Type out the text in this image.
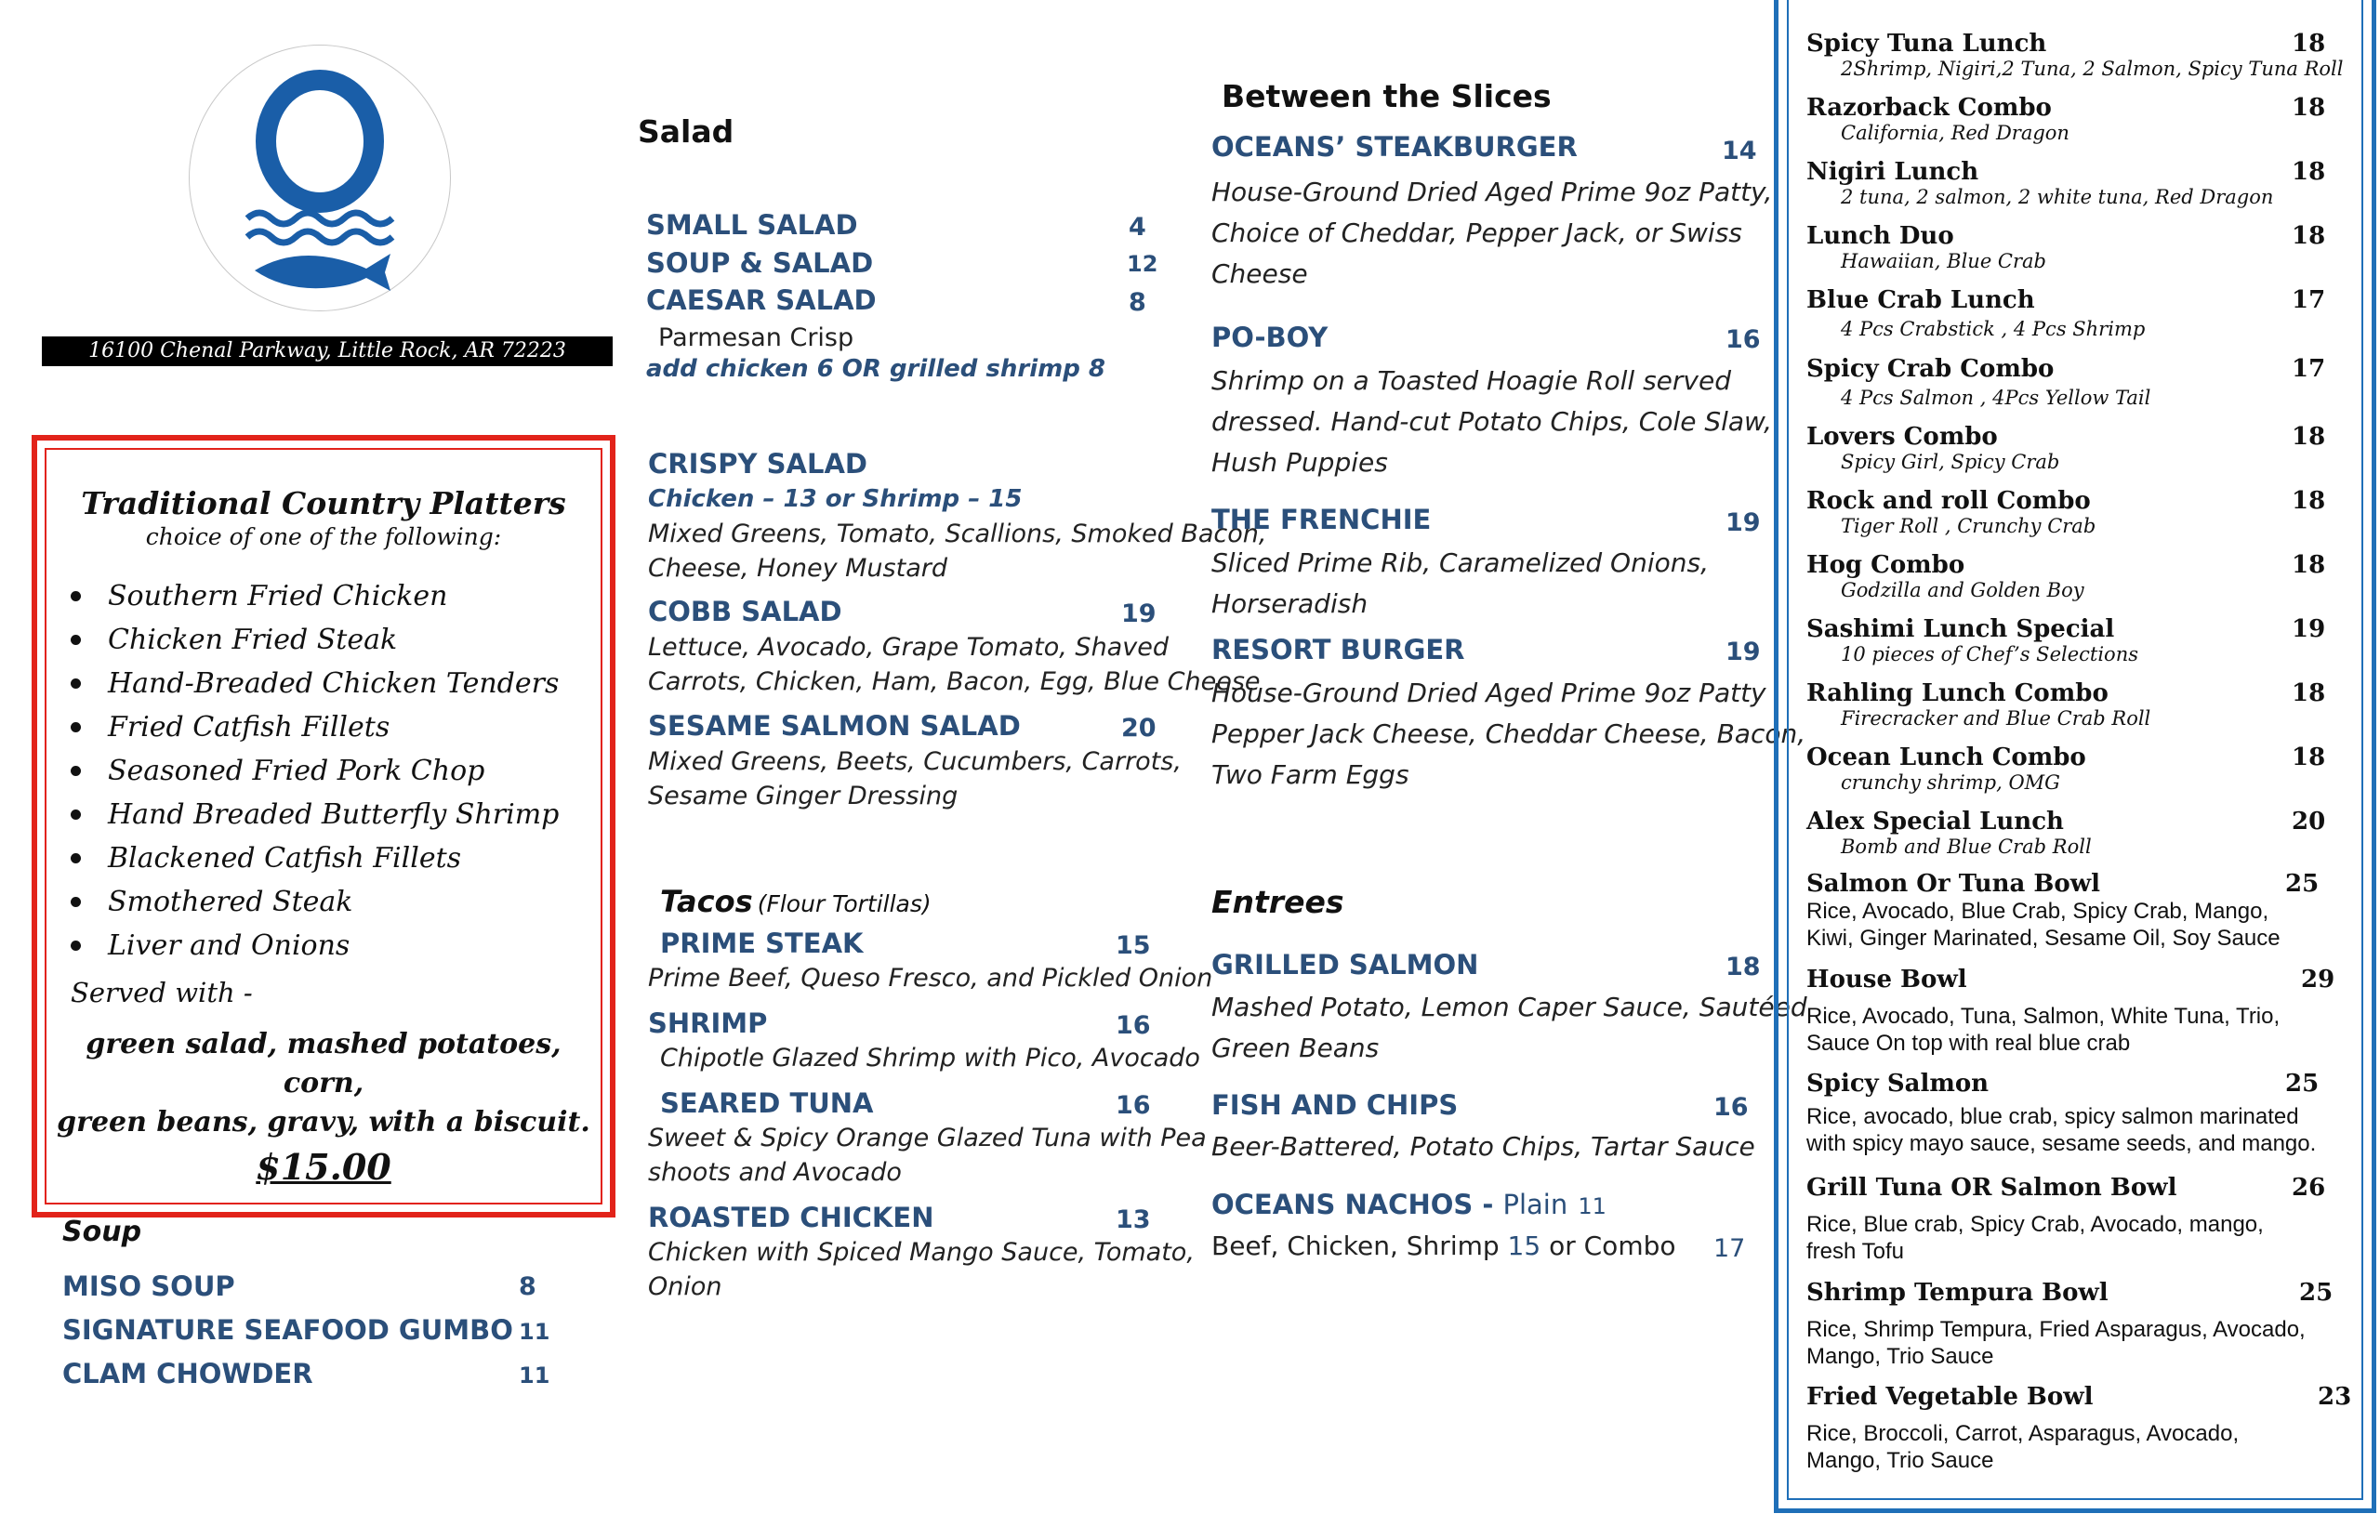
16100 Chenal Parkway, Little Rock, AR 72223
Traditional Country Platters
choice of one of the following:
Southern Fried Chicken
Chicken Fried Steak
Hand-Breaded Chicken Tenders
Fried Catfish Fillets
Seasoned Fried Pork Chop
Hand Breaded Butterfly Shrimp
Blackened Catfish Fillets
Smothered Steak
Liver and Onions
Served with -
green salad, mashed potatoes, corn,
green beans, gravy, with a biscuit.
$15.00
Soup
MISO SOUP	8
SIGNATURE SEAFOOD GUMBO 11
CLAM CHOWDER	11
Salad
SMALL SALAD	4
SOUP & SALAD	12
CAESAR SALAD	8
Parmesan Crisp
add chicken 6 OR grilled shrimp 8
CRISPY SALAD
Chicken – 13 or Shrimp – 15
Mixed Greens, Tomato, Scallions, Smoked Bacon,
Cheese, Honey Mustard
COBB SALAD	19
Lettuce, Avocado, Grape Tomato, Shaved
Carrots, Chicken, Ham, Bacon, Egg, Blue Cheese
SESAME SALMON SALAD	20
Mixed Greens, Beets, Cucumbers, Carrots,
Sesame Ginger Dressing
Tacos (Flour Tortillas)
PRIME STEAK	15
Prime Beef, Queso Fresco, and Pickled Onion
SHRIMP	16
Chipotle Glazed Shrimp with Pico, Avocado
SEARED TUNA	16
Sweet & Spicy Orange Glazed Tuna with Pea
shoots and Avocado
ROASTED CHICKEN	13
Chicken with Spiced Mango Sauce, Tomato,
Onion
Between the Slices
OCEANS’ STEAKBURGER	14
House-Ground Dried Aged Prime 9oz Patty,
Choice of Cheddar, Pepper Jack, or Swiss
Cheese
PO-BOY	16
Shrimp on a Toasted Hoagie Roll served
dressed. Hand-cut Potato Chips, Cole Slaw,
Hush Puppies
THE FRENCHIE	19
Sliced Prime Rib, Caramelized Onions,
Horseradish
RESORT BURGER	19
House-Ground Dried Aged Prime 9oz Patty
Pepper Jack Cheese, Cheddar Cheese, Bacon,
Two Farm Eggs
Entrees
GRILLED SALMON	18
Mashed Potato, Lemon Caper Sauce, Sautéed
Green Beans
FISH AND CHIPS	16
Beer-Battered, Potato Chips, Tartar Sauce
OCEANS NACHOS - Plain 11
Beef, Chicken, Shrimp 15 or Combo 17
Spicy Tuna Lunch	18
2Shrimp, Nigiri,2 Tuna, 2 Salmon, Spicy Tuna Roll
Razorback Combo	18
California, Red Dragon
Nigiri Lunch	18
2 tuna, 2 salmon, 2 white tuna, Red Dragon
Lunch Duo	18
Hawaiian, Blue Crab
Blue Crab Lunch	17
4 Pcs Crabstick , 4 Pcs Shrimp
Spicy Crab Combo	17
4 Pcs Salmon , 4Pcs Yellow Tail
Lovers Combo	18
Spicy Girl, Spicy Crab
Rock and roll Combo	18
Tiger Roll , Crunchy Crab
Hog Combo	18
Godzilla and Golden Boy
Sashimi Lunch Special	19
10 pieces of Chef’s Selections
Rahling Lunch Combo	18
Firecracker and Blue Crab Roll
Ocean Lunch Combo	18
crunchy shrimp, OMG
Alex Special Lunch	20
Bomb and Blue Crab Roll
Salmon Or Tuna Bowl	25
Rice, Avocado, Blue Crab, Spicy Crab, Mango,
Kiwi, Ginger Marinated, Sesame Oil, Soy Sauce
House Bowl	29
Rice, Avocado, Tuna, Salmon, White Tuna, Trio,
Sauce On top with real blue crab
Spicy Salmon	25
Rice, avocado, blue crab, spicy salmon marinated
with spicy mayo sauce, sesame seeds, and mango.
Grill Tuna OR Salmon Bowl	26
Rice, Blue crab, Spicy Crab, Avocado, mango,
fresh Tofu
Shrimp Tempura Bowl	25
Rice, Shrimp Tempura, Fried Asparagus, Avocado,
Mango, Trio Sauce
Fried Vegetable Bowl	23
Rice, Broccoli, Carrot, Asparagus, Avocado,
Mango, Trio Sauce
